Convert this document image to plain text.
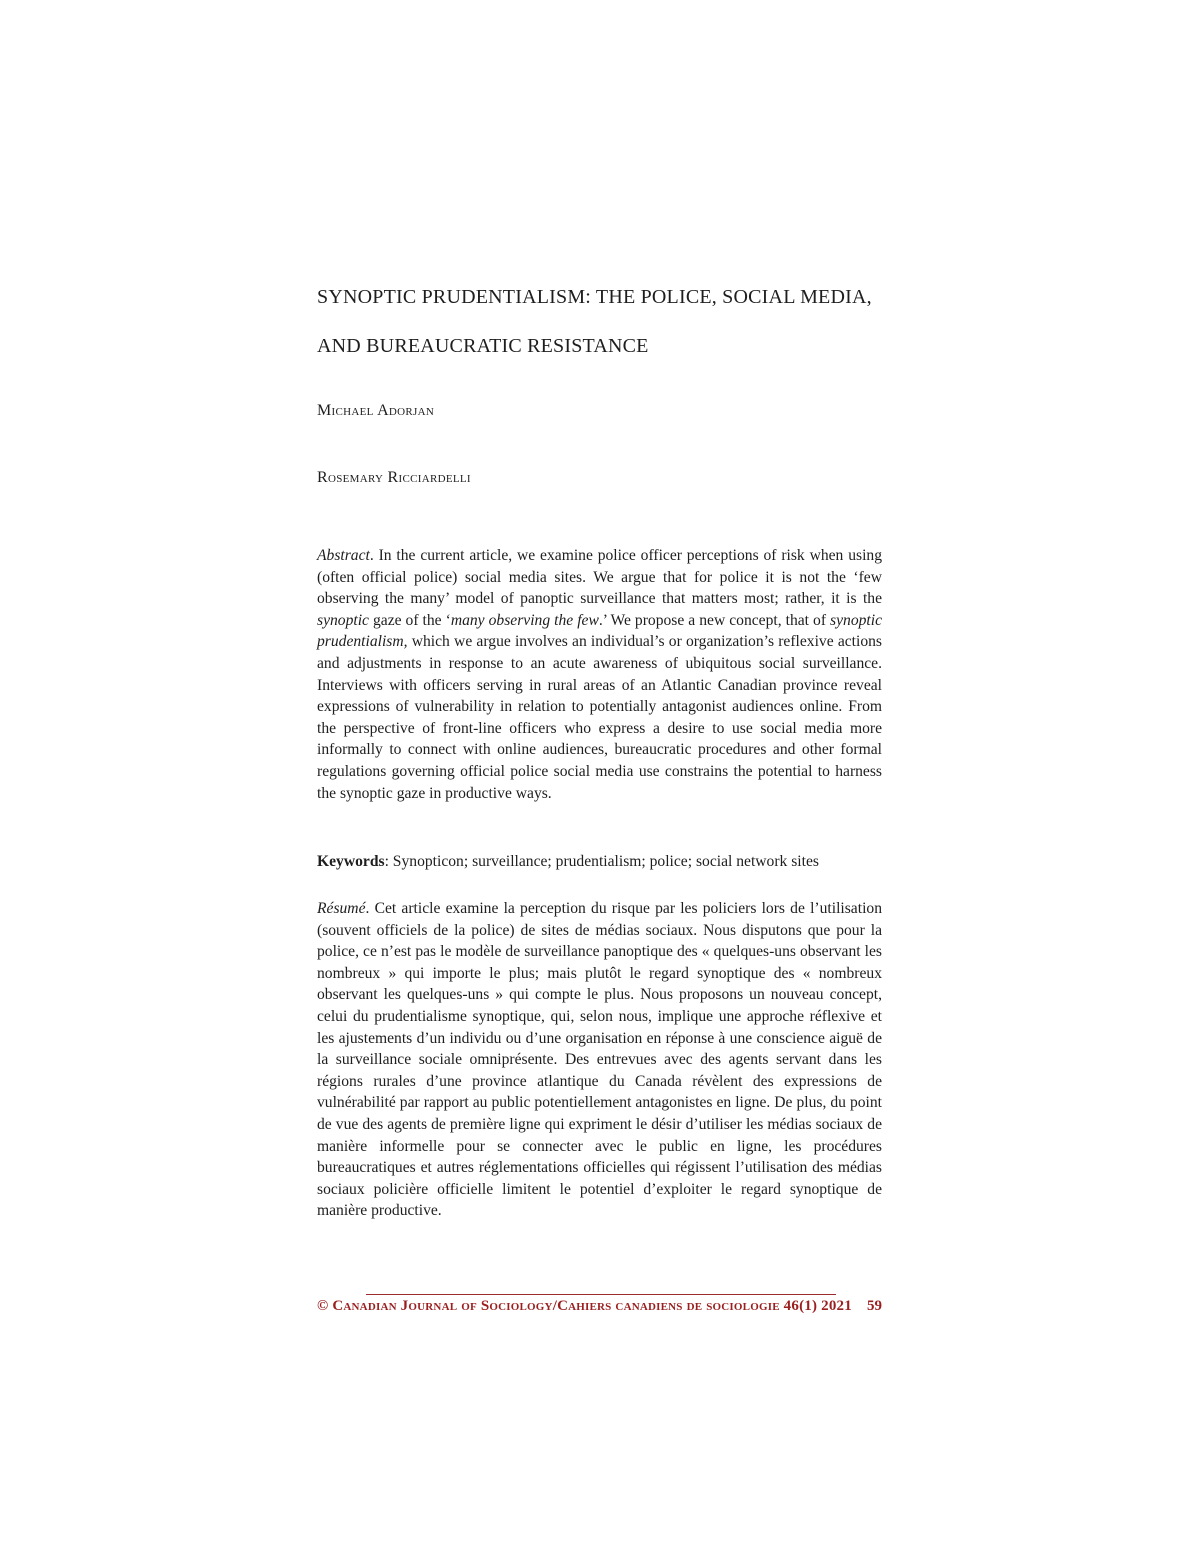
SYNOPTIC PRUDENTIALISM: THE POLICE, SOCIAL MEDIA,
AND BUREAUCRATIC RESISTANCE
Michael Adorjan
Rosemary Ricciardelli
Abstract. In the current article, we examine police officer perceptions of risk when using (often official police) social media sites. We argue that for police it is not the ‘few observing the many’ model of panoptic surveillance that matters most; rather, it is the synoptic gaze of the ‘many observing the few.’ We propose a new concept, that of synoptic prudentialism, which we argue involves an individual’s or organization’s reflexive actions and adjustments in response to an acute awareness of ubiquitous social surveillance. Interviews with officers serving in rural areas of an Atlantic Canadian province reveal expressions of vulnerability in relation to potentially antagonist audiences online. From the perspective of front-line officers who express a desire to use social media more informally to connect with online audiences, bureaucratic procedures and other formal regulations governing official police social media use constrains the potential to harness the synoptic gaze in productive ways.
Keywords: Synopticon; surveillance; prudentialism; police; social network sites
Résumé. Cet article examine la perception du risque par les policiers lors de l’utilisation (souvent officiels de la police) de sites de médias sociaux. Nous disputons que pour la police, ce n’est pas le modèle de surveillance panoptique des « quelques-uns observant les nombreux » qui importe le plus; mais plutôt le regard synoptique des « nombreux observant les quelques-uns » qui compte le plus. Nous proposons un nouveau concept, celui du prudentialisme synoptique, qui, selon nous, implique une approche réflexive et les ajustements d’un individu ou d’une organisation en réponse à une conscience aiguë de la surveillance sociale omniprésente. Des entrevues avec des agents servant dans les régions rurales d’une province atlantique du Canada révèlent des expressions de vulnérabilité par rapport au public potentiellement antagonistes en ligne. De plus, du point de vue des agents de première ligne qui expriment le désir d’utiliser les médias sociaux de manière informelle pour se connecter avec le public en ligne, les procédures bureaucratiques et autres réglementations officielles qui régissent l’utilisation des médias sociaux policière officielle limitent le potentiel d’exploiter le regard synoptique de manière productive.
© Canadian Journal of Sociology/Cahiers canadiens de sociologie 46(1) 2021 59
